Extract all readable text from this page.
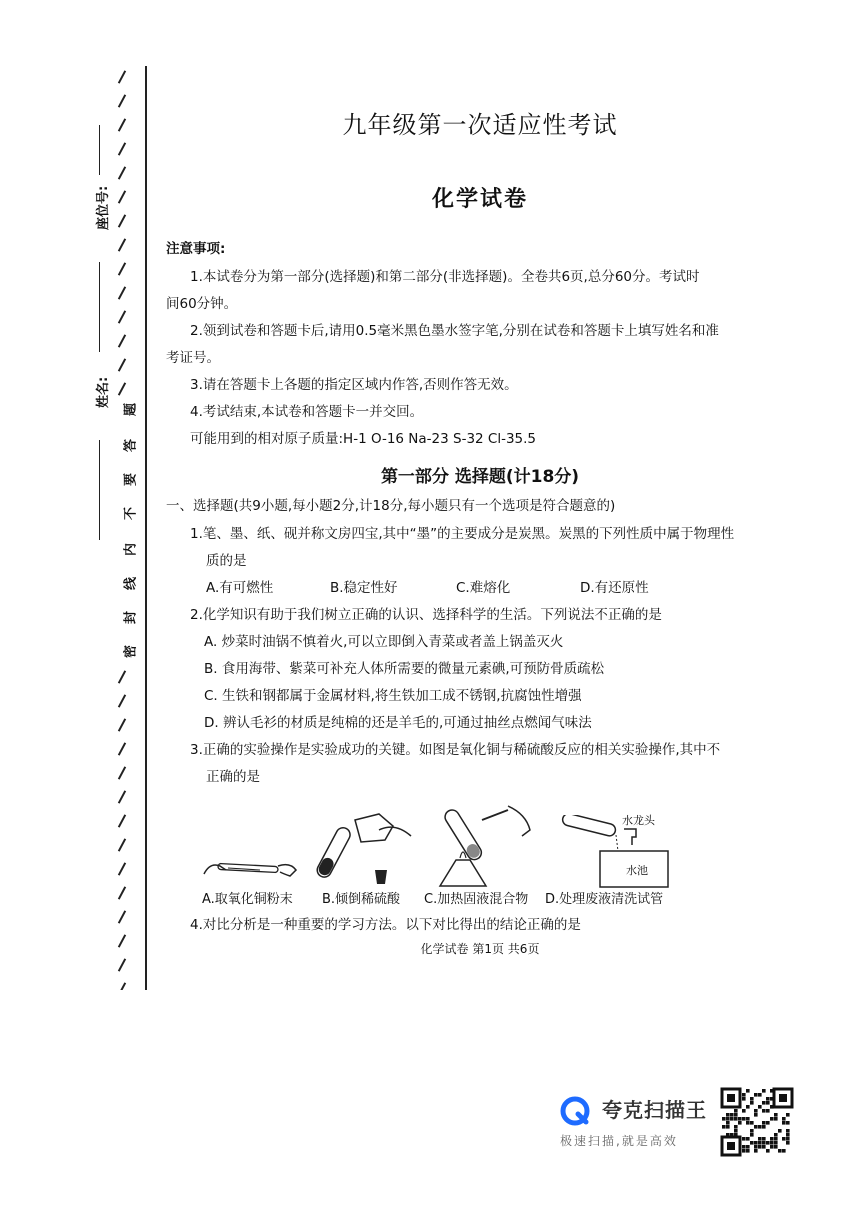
座位号:
姓名:
题
答
要
不
内
线
封
密
九年级第一次适应性考试
化学试卷
注意事项:
1.本试卷分为第一部分(选择题)和第二部分(非选择题)。全卷共6页,总分60分。考试时
间60分钟。
2.领到试卷和答题卡后,请用0.5毫米黑色墨水签字笔,分别在试卷和答题卡上填写姓名和准
考证号。
3.请在答题卡上各题的指定区域内作答,否则作答无效。
4.考试结束,本试卷和答题卡一并交回。
可能用到的相对原子质量:H-1 O-16 Na-23 S-32 Cl-35.5
第一部分 选择题(计18分)
一、选择题(共9小题,每小题2分,计18分,每小题只有一个选项是符合题意的)
1.笔、墨、纸、砚并称文房四宝,其中“墨”的主要成分是炭黑。炭黑的下列性质中属于物理性
质的是
A.有可燃性	B.稳定性好	C.难熔化	D.有还原性
2.化学知识有助于我们树立正确的认识、选择科学的生活。下列说法不正确的是
A. 炒菜时油锅不慎着火,可以立即倒入青菜或者盖上锅盖灭火
B. 食用海带、紫菜可补充人体所需要的微量元素碘,可预防骨质疏松
C. 生铁和钢都属于金属材料,将生铁加工成不锈钢,抗腐蚀性增强
D. 辨认毛衫的材质是纯棉的还是羊毛的,可通过抽丝点燃闻气味法
3.正确的实验操作是实验成功的关键。如图是氧化铜与稀硫酸反应的相关实验操作,其中不
正确的是
水龙头
水池
A.取氧化铜粉末 B.倾倒稀硫酸 C.加热固液混合物 D.处理废液清洗试管
4.对比分析是一种重要的学习方法。以下对比得出的结论正确的是
化学试卷 第1页 共6页
夸克扫描王
极速扫描,就是高效
